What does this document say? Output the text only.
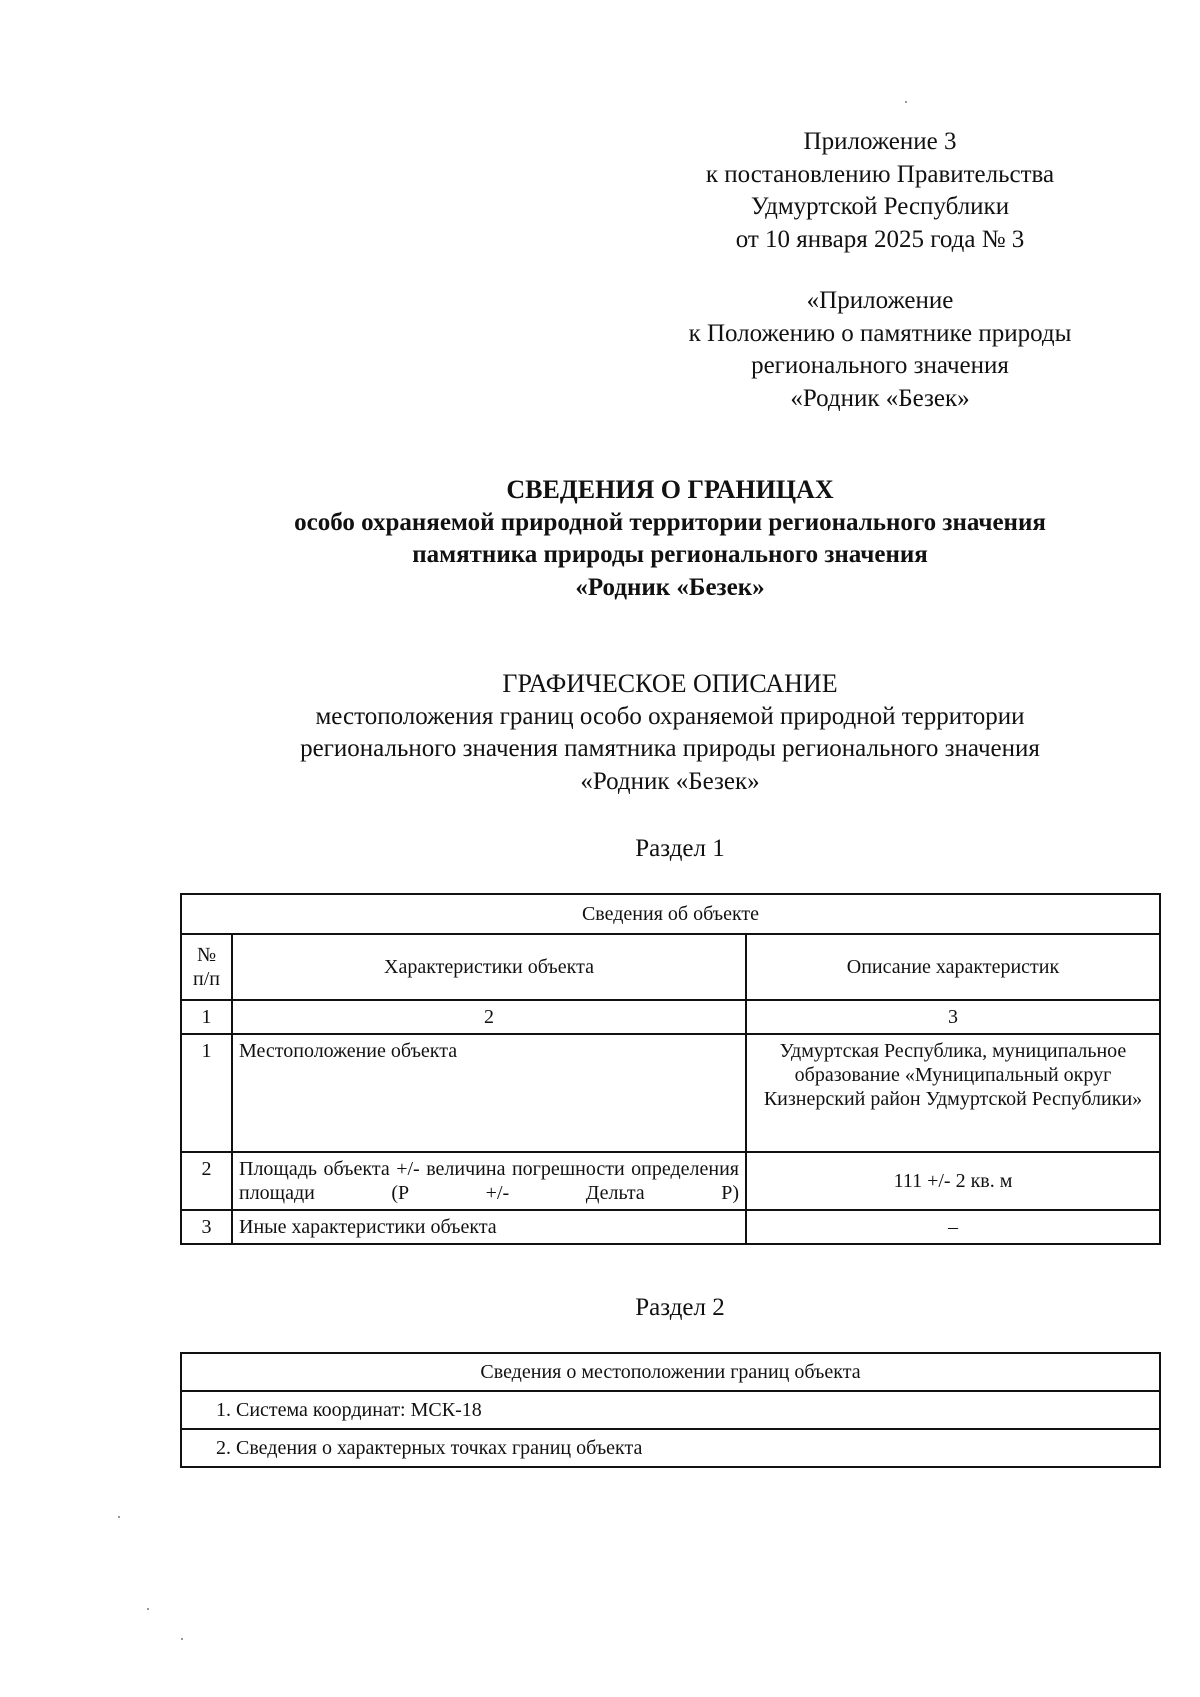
Приложение 3
к постановлению Правительства
Удмуртской Республики
от 10 января 2025 года № 3
«Приложение
к Положению о памятнике природы
регионального значения
«Родник «Безек»
СВЕДЕНИЯ О ГРАНИЦАХ
особо охраняемой природной территории регионального значения
памятника природы регионального значения
«Родник «Безек»
ГРАФИЧЕСКОЕ ОПИСАНИЕ
местоположения границ особо охраняемой природной территории
регионального значения памятника природы регионального значения
«Родник «Безек»
Раздел 1
Сведения об объекте		
№ п/п	Характеристики объекта	Описание характеристик
1	2	3
1	Местоположение объекта	Удмуртская Республика, муниципальное образование «Муниципальный округ Кизнерский район Удмуртской Республики»
2	Площадь объекта +/- величина погрешности определения площади (Р +/- Дельта Р)	111 +/- 2 кв. м
3	Иные характеристики объекта	–
Раздел 2
Сведения о местоположении границ объекта
1. Система координат: МСК-18
2. Сведения о характерных точках границ объекта
